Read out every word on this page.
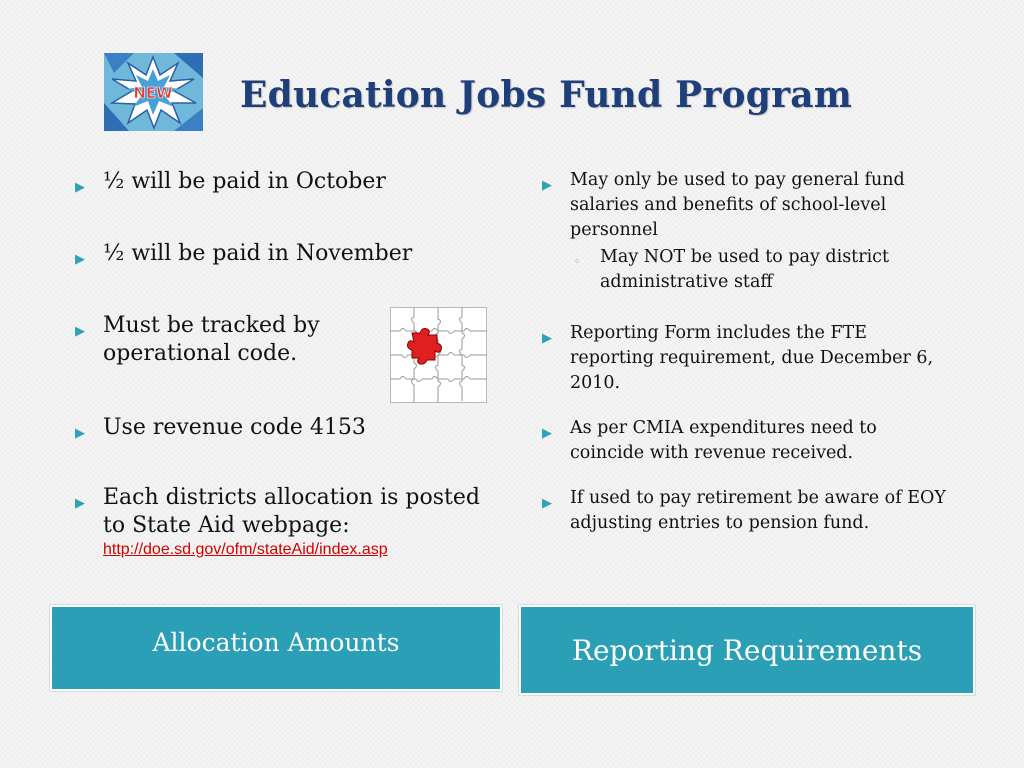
NEW Education Jobs Fund Program
▶ ½ will be paid in October
▶ ½ will be paid in November
▶ Must be tracked by operational code.
▶ Use revenue code 4153
▶ Each districts allocation is posted to State Aid webpage:
http://doe.sd.gov/ofm/stateAid/index.asp
▶ May only be used to pay general fund salaries and benefits of school-level personnel
◦ May NOT be used to pay district administrative staff
▶ Reporting Form includes the FTE reporting requirement, due December 6, 2010.
▶ As per CMIA expenditures need to coincide with revenue received.
▶ If used to pay retirement be aware of EOY adjusting entries to pension fund.
Allocation Amounts	Reporting Requirements
